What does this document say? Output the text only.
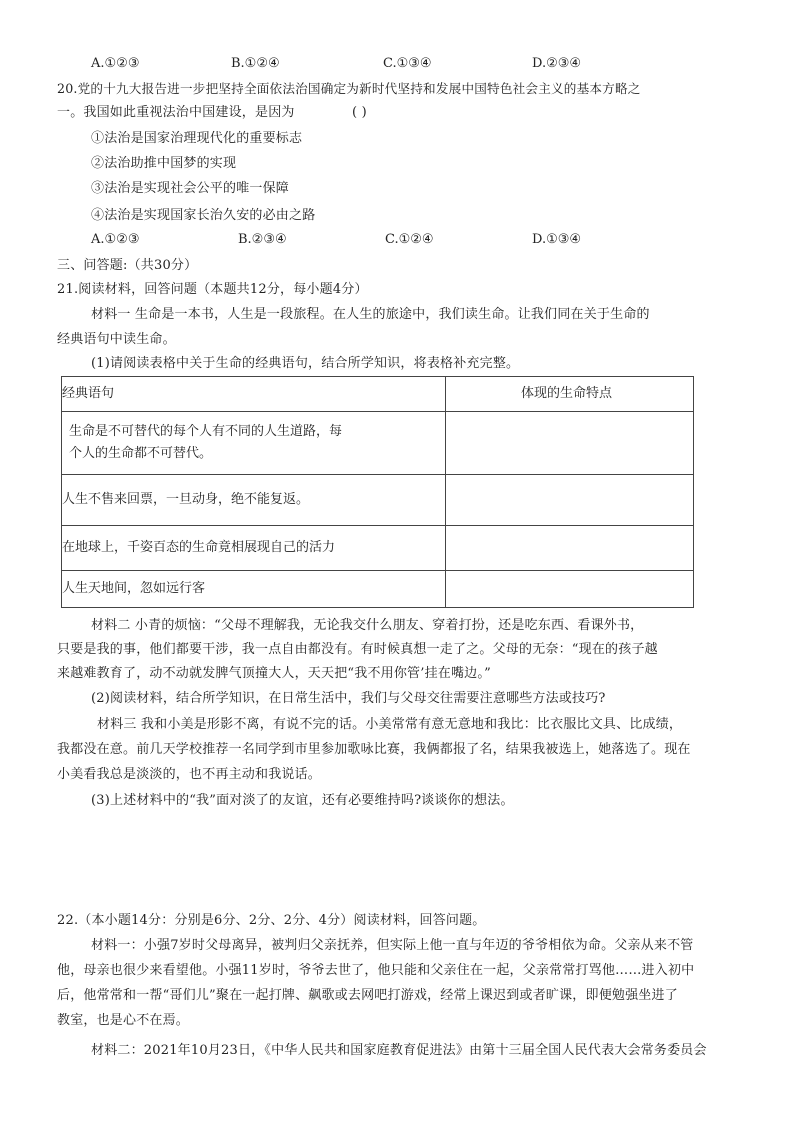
A.①②③	B.①②④	C.①③④	D.②③④
20.党的十九大报告进一步把坚持全面依法治国确定为新时代坚持和发展中国特色社会主义的基本方略之
一。我国如此重视法治中国建设，是因为	( )
①法治是国家治理现代化的重要标志
②法治助推中国梦的实现
③法治是实现社会公平的唯一保障
④法治是实现国家长治久安的必由之路
A.①②③	B.②③④	C.①②④	D.①③④
三、问答题:（共30分）
21.阅读材料，回答问题（本题共12分，每小题4分）
材料一 生命是一本书，人生是一段旅程。在人生的旅途中，我们读生命。让我们同在关于生命的
经典语句中读生命。
(1)请阅读表格中关于生命的经典语句，结合所学知识，将表格补充完整。
经典语句	体现的生命特点

生命是不可替代的每个人有不同的人生道路，每
个人的生命都不可替代。	

人生不售来回票，一旦动身，绝不能复返。	
在地球上，千姿百态的生命竟相展现自己的活力	
人生天地间，忽如远行客	
材料二 小青的烦恼：“父母不理解我，无论我交什么朋友、穿着打扮，还是吃东西、看课外书，
只要是我的事，他们都要干涉，我一点自由都没有。有时候真想一走了之。父母的无奈：“现在的孩子越
来越难教育了，动不动就发脾气顶撞大人，天天把“我不用你管’挂在嘴边。”
(2)阅读材料，结合所学知识，在日常生活中，我们与父母交往需要注意哪些方法或技巧?
材料三 我和小美是形影不离，有说不完的话。小美常常有意无意地和我比：比衣服比文具、比成绩，
我都没在意。前几天学校推荐一名同学到市里参加歌咏比赛，我俩都报了名，结果我被选上，她落选了。现在
小美看我总是淡淡的，也不再主动和我说话。
(3)上述材料中的“我”面对淡了的友谊，还有必要维持吗?谈谈你的想法。
22.（本小题14分：分别是6分、2分、2分、4分）阅读材料，回答问题。
材料一：小强7岁时父母离异，被判归父亲抚养，但实际上他一直与年迈的爷爷相依为命。父亲从来不管
他，母亲也很少来看望他。小强11岁时，爷爷去世了，他只能和父亲住在一起，父亲常常打骂他……进入初中
后，他常常和一帮“哥们儿”聚在一起打牌、飙歌或去网吧打游戏，经常上课迟到或者旷课，即便勉强坐进了
教室，也是心不在焉。
材料二：2021年10月23日，《中华人民共和国家庭教育促进法》由第十三届全国人民代表大会常务委员会
